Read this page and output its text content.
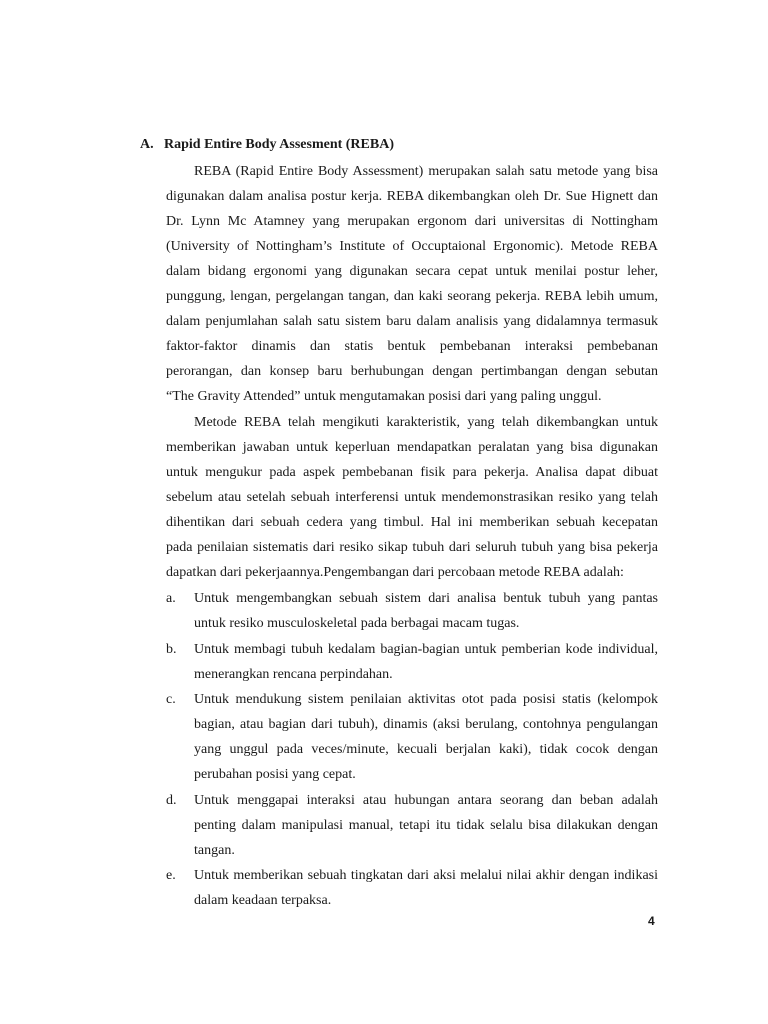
A. Rapid Entire Body Assesment (REBA)
REBA (Rapid Entire Body Assessment) merupakan salah satu metode yang bisa
digunakan dalam analisa postur kerja. REBA dikembangkan oleh Dr. Sue Hignett dan
Dr. Lynn Mc Atamney yang merupakan ergonom dari universitas di Nottingham
(University of Nottingham’s Institute of Occuptaional Ergonomic). Metode REBA
dalam bidang ergonomi yang digunakan secara cepat untuk menilai postur leher,
punggung, lengan, pergelangan tangan, dan kaki seorang pekerja. REBA lebih umum,
dalam penjumlahan salah satu sistem baru dalam analisis yang didalamnya termasuk
faktor-faktor dinamis dan statis bentuk pembebanan interaksi pembebanan
perorangan, dan konsep baru berhubungan dengan pertimbangan dengan sebutan
“The Gravity Attended” untuk mengutamakan posisi dari yang paling unggul.
Metode REBA telah mengikuti karakteristik, yang telah dikembangkan untuk
memberikan jawaban untuk keperluan mendapatkan peralatan yang bisa digunakan
untuk mengukur pada aspek pembebanan fisik para pekerja. Analisa dapat dibuat
sebelum atau setelah sebuah interferensi untuk mendemonstrasikan resiko yang telah
dihentikan dari sebuah cedera yang timbul. Hal ini memberikan sebuah kecepatan
pada penilaian sistematis dari resiko sikap tubuh dari seluruh tubuh yang bisa pekerja
dapatkan dari pekerjaannya.Pengembangan dari percobaan metode REBA adalah:
a. Untuk mengembangkan sebuah sistem dari analisa bentuk tubuh yang pantas
untuk resiko musculoskeletal pada berbagai macam tugas.
b. Untuk membagi tubuh kedalam bagian-bagian untuk pemberian kode individual,
menerangkan rencana perpindahan.
c. Untuk mendukung sistem penilaian aktivitas otot pada posisi statis (kelompok
bagian, atau bagian dari tubuh), dinamis (aksi berulang, contohnya pengulangan
yang unggul pada veces/minute, kecuali berjalan kaki), tidak cocok dengan
perubahan posisi yang cepat.
d. Untuk menggapai interaksi atau hubungan antara seorang dan beban adalah
penting dalam manipulasi manual, tetapi itu tidak selalu bisa dilakukan dengan
tangan.
e. Untuk memberikan sebuah tingkatan dari aksi melalui nilai akhir dengan indikasi
dalam keadaan terpaksa.
4
